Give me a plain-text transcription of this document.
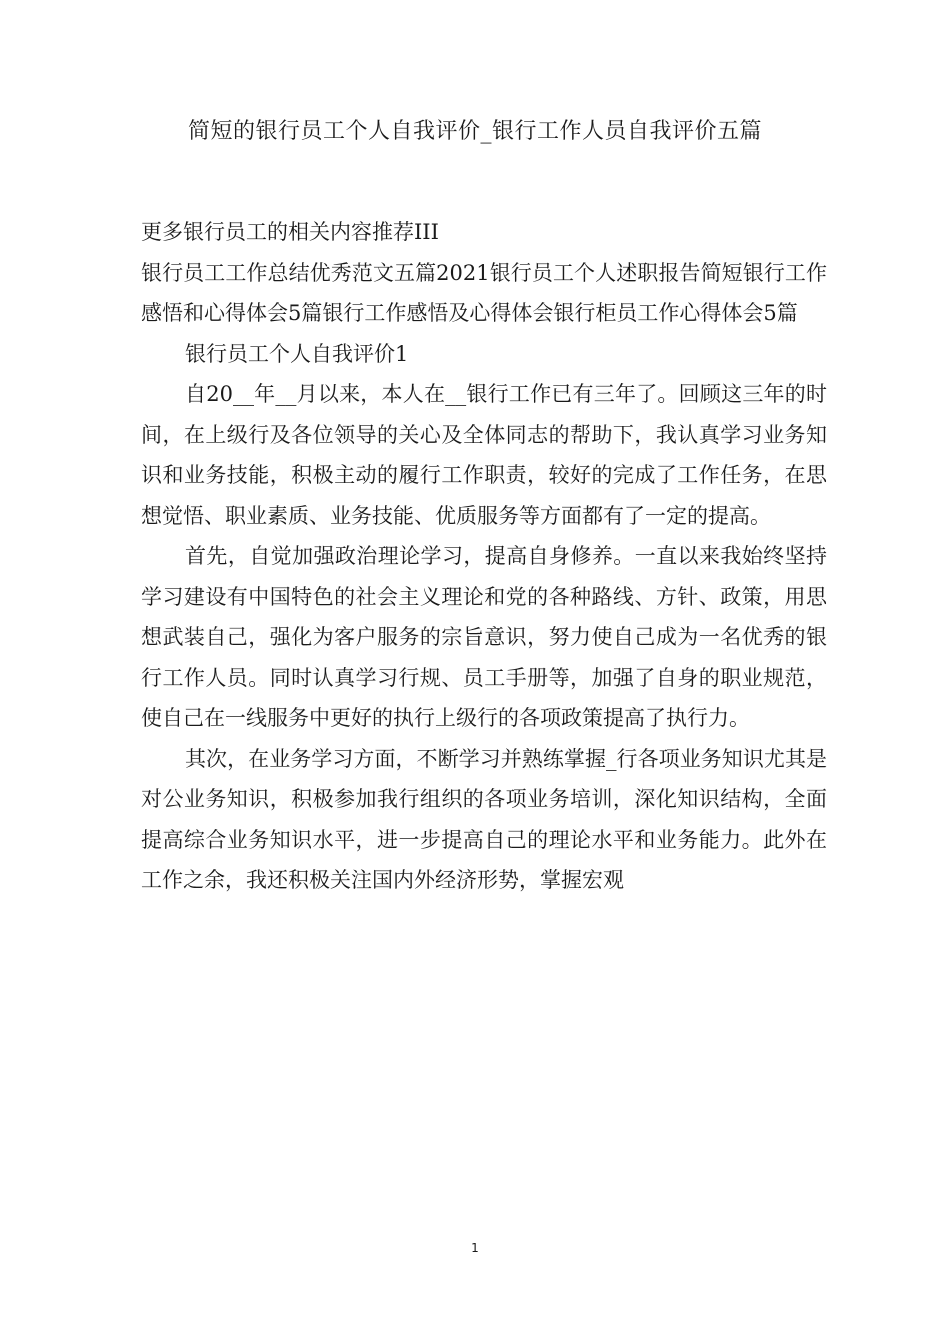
简短的银行员工个人自我评价_银行工作人员自我评价五篇

更多银行员工的相关内容推荐III

银行员工工作总结优秀范文五篇2021银行员工个人述职报告简短银行工作感悟和心得体会5篇银行工作感悟及心得体会银行柜员工作心得体会5篇

银行员工个人自我评价1

自20__年__月以来，本人在__银行工作已有三年了。回顾这三年的时间，在上级行及各位领导的关心及全体同志的帮助下，我认真学习业务知识和业务技能，积极主动的履行工作职责，较好的完成了工作任务，在思想觉悟、职业素质、业务技能、优质服务等方面都有了一定的提高。

首先，自觉加强政治理论学习，提高自身修养。一直以来我始终坚持学习建设有中国特色的社会主义理论和党的各种路线、方针、政策，用思想武装自己，强化为客户服务的宗旨意识，努力使自己成为一名优秀的银行工作人员。同时认真学习行规、员工手册等，加强了自身的职业规范，使自己在一线服务中更好的执行上级行的各项政策提高了执行力。

其次，在业务学习方面，不断学习并熟练掌握_行各项业务知识尤其是对公业务知识，积极参加我行组织的各项业务培训，深化知识结构，全面提高综合业务知识水平，进一步提高自己的理论水平和业务能力。此外在工作之余，我还积极关注国内外经济形势，掌握宏观

1
